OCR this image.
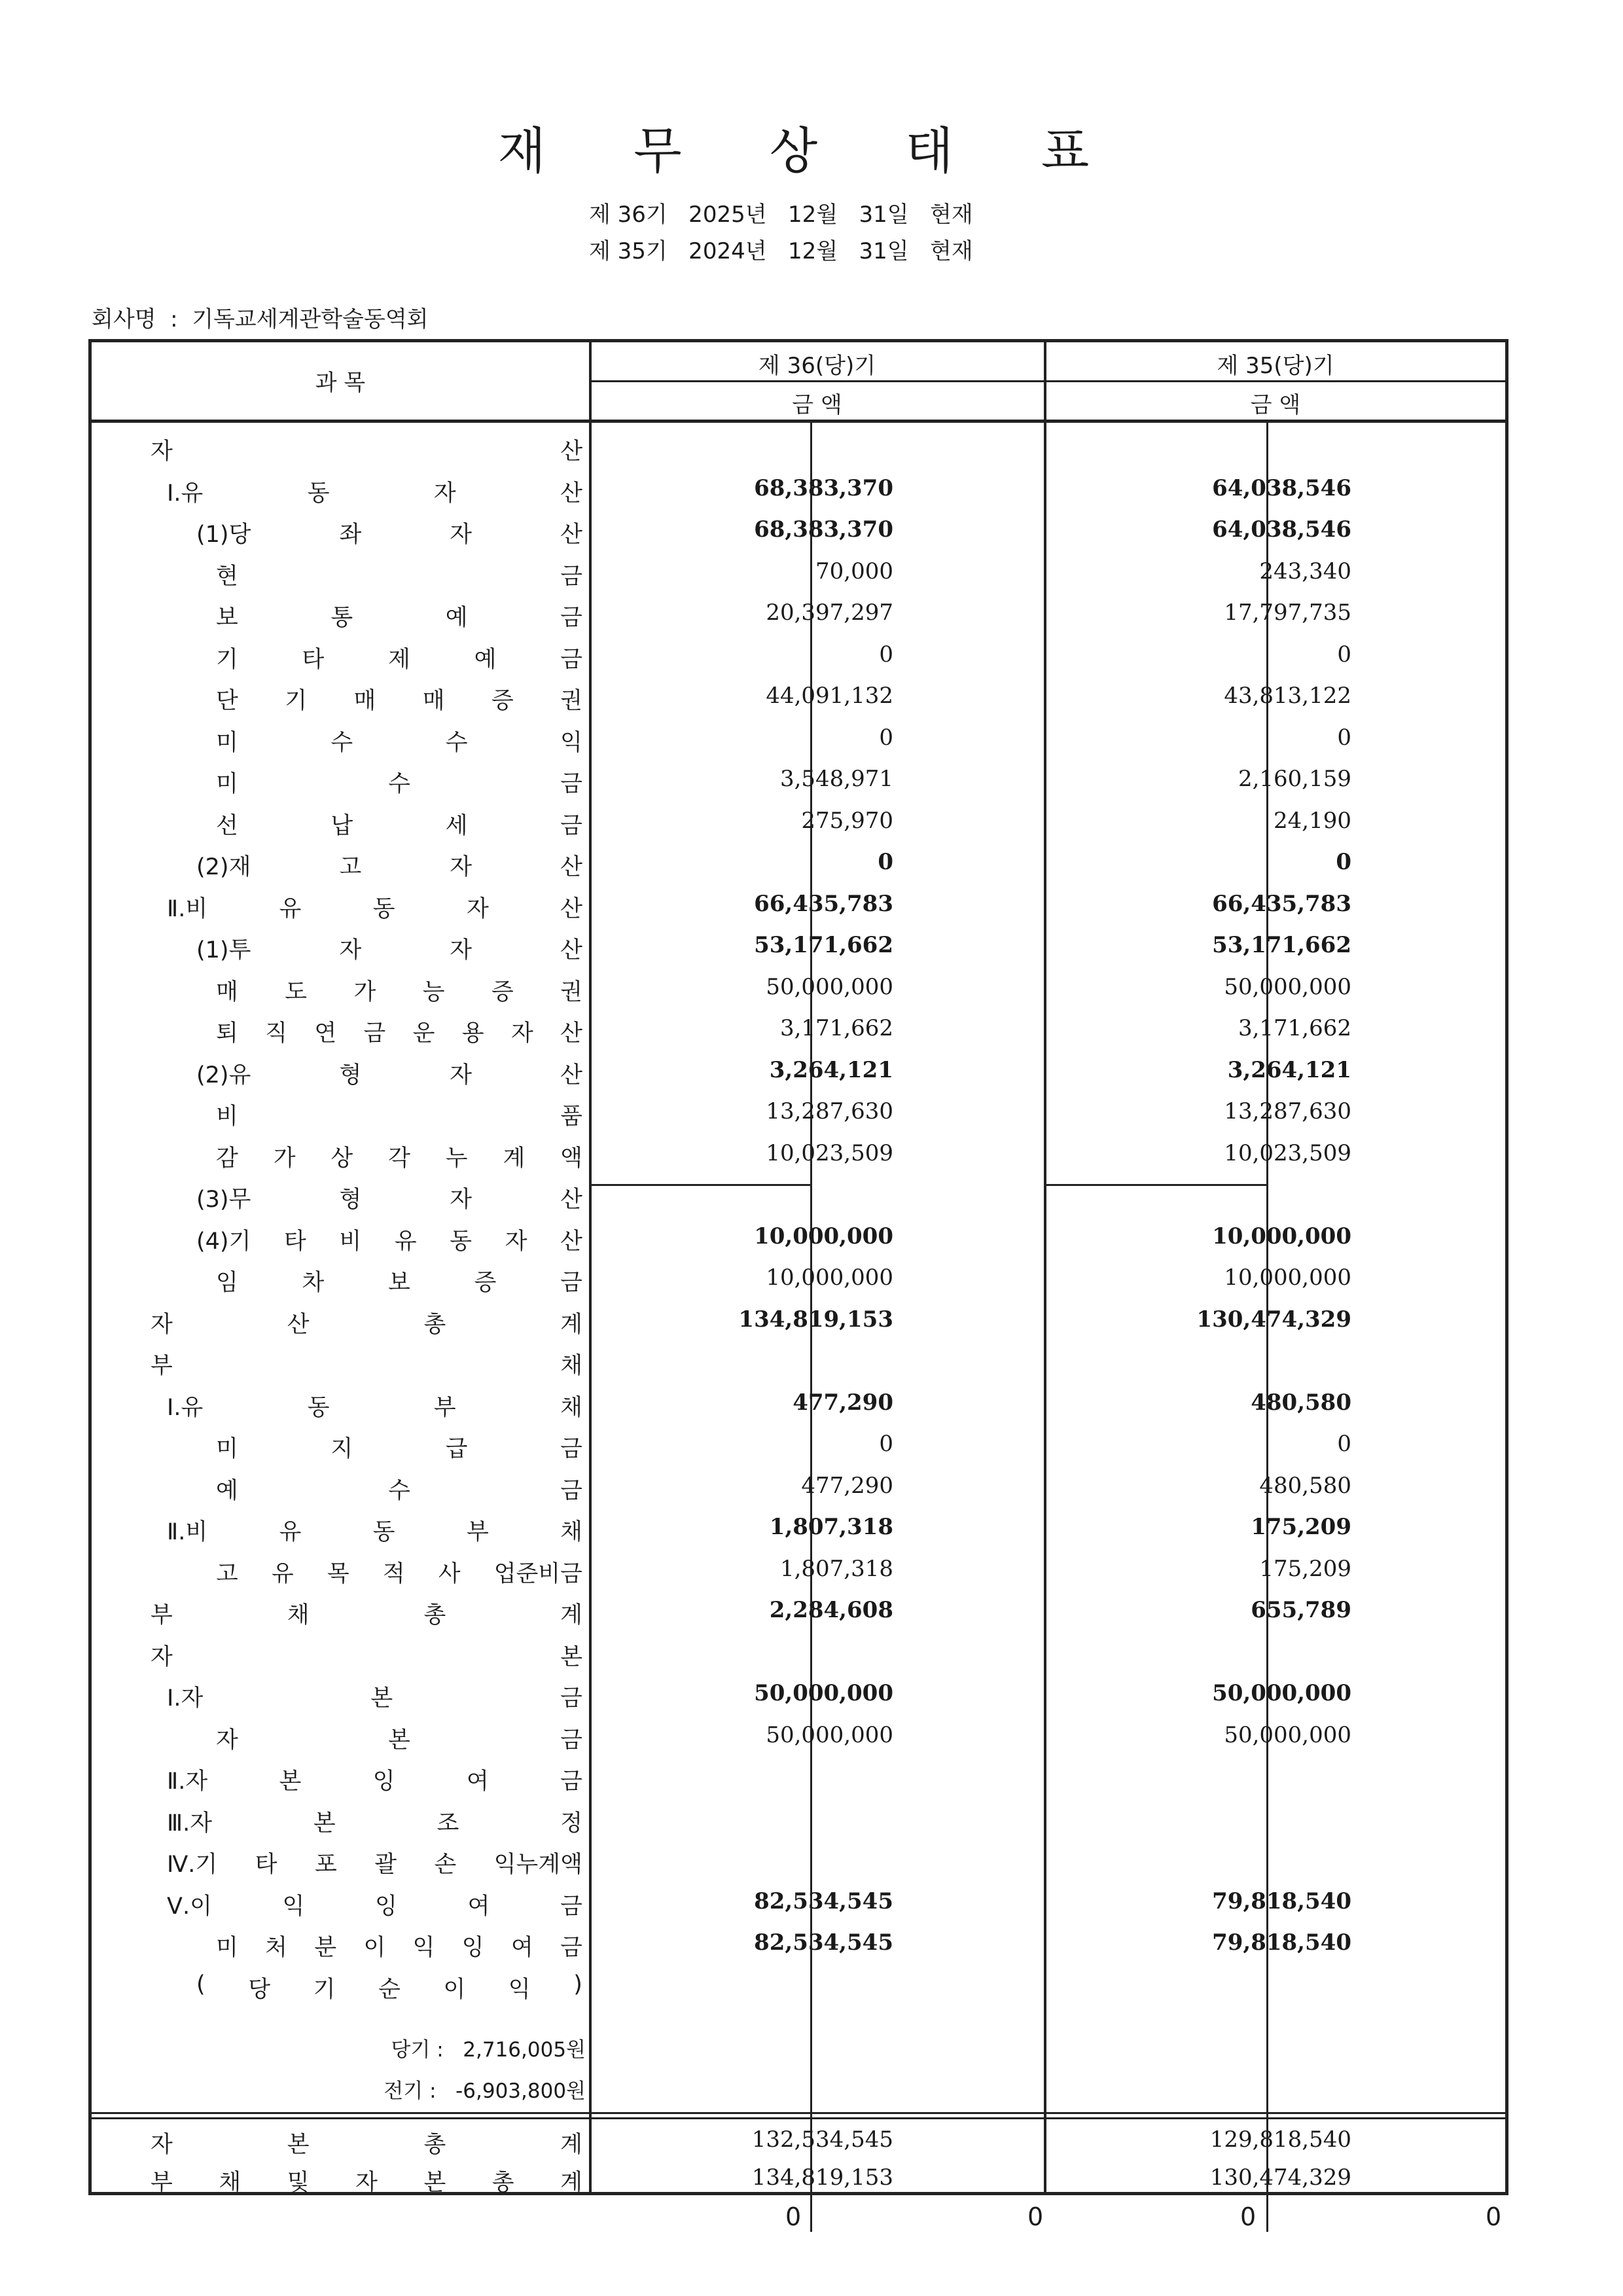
재 무 상 태 표
제 36기   2025년   12월   31일   현재
제 35기   2024년   12월   31일   현재
회사명  :  기독교세계관학술동역회
과 목
제 36(당)기	제 35(당)기
금 액	금 액
자	산
Ⅰ.유	동	자	산	68,383,370	64,038,546
(1)당	좌	자	산	68,383,370	64,038,546
현	금	70,000	243,340
보	통	예	금	20,397,297	17,797,735
기	타	제	예	금	0	0
단 기 매 매 증 권	44,091,132	43,813,122
미	수	수	익	0	0
미	수	금	3,548,971	2,160,159
선	납	세	금	275,970	24,190
(2)재	고	자	산	0	0
Ⅱ.비	유	동	자	산	66,435,783	66,435,783
(1)투	자	자	산	53,171,662	53,171,662
매 도 가 능 증 권	50,000,000	50,000,000
퇴 직 연 금 운 용 자 산	3,171,662	3,171,662
(2)유	형	자	산	3,264,121	3,264,121
비	품	13,287,630	13,287,630
감 가 상 각 누 계 액	10,023,509	10,023,509
(3)무	형	자	산
(4)기 타 비 유 동 자 산	10,000,000	10,000,000
임	차	보	증	금	10,000,000	10,000,000
자	산	총	계	134,819,153	130,474,329
부	채
Ⅰ.유	동	부	채	477,290	480,580
미	지	급	금	0	0
예	수	금	477,290	480,580
Ⅱ.비	유	동	부	채	1,807,318	175,209
고 유 목 적 사 업준비금	1,807,318	175,209
부	채	총	계	2,284,608	655,789
자	본
Ⅰ.자	본	금	50,000,000	50,000,000
자	본	금	50,000,000	50,000,000
Ⅱ.자	본	잉	여	금
Ⅲ.자	본	조	정
Ⅳ.기 타 포 괄 손 익누계액
Ⅴ.이	익	잉	여	금	82,534,545	79,818,540
미 처 분 이 익 잉 여 금	82,534,545	79,818,540
( 당 기 순 이 익 )
당기 :   2,716,005원
전기 :   -6,903,800원
자	본	총	계	132,534,545	129,818,540
부 채 및 자 본 총 계	134,819,153	130,474,329
0	0	0	0
